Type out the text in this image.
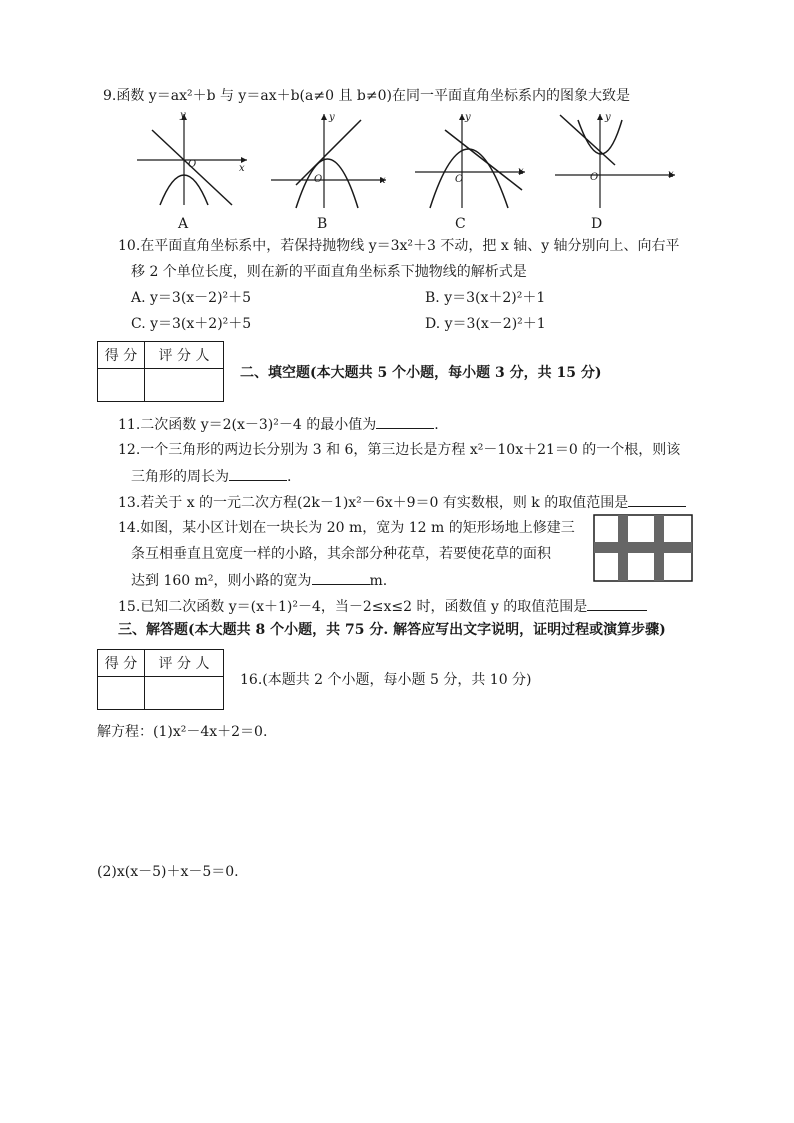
9.函数 y＝ax²＋b 与 y＝ax＋b(a≠0 且 b≠0)在同一平面直角坐标系内的图象大致是
y
x
O
A
y
x
O
B
y
x
O
C
y
x
O
D
10.在平面直角坐标系中，若保持抛物线 y＝3x²＋3 不动，把 x 轴、y 轴分别向上、向右平
移 2 个单位长度，则在新的平面直角坐标系下抛物线的解析式是
A. y＝3(x－2)²＋5	B. y＝3(x＋2)²＋1
C. y＝3(x＋2)²＋5	D. y＝3(x－2)²＋1
得 分	评 分 人

二、填空题(本大题共 5 个小题，每小题 3 分，共 15 分)
11.二次函数 y＝2(x－3)²－4 的最小值为	.
12.一个三角形的两边长分别为 3 和 6，第三边长是方程 x²－10x＋21＝0 的一个根，则该
三角形的周长为	.
13.若关于 x 的一元二次方程(2k－1)x²－6x＋9＝0 有实数根，则 k 的取值范围是
14.如图，某小区计划在一块长为 20 m，宽为 12 m 的矩形场地上修建三
条互相垂直且宽度一样的小路，其余部分种花草，若要使花草的面积
达到 160 m²，则小路的宽为	m.
15.已知二次函数 y＝(x＋1)²－4，当－2≤x≤2 时，函数值 y 的取值范围是
三、解答题(本大题共 8 个小题，共 75 分. 解答应写出文字说明，证明过程或演算步骤)
得 分	评 分 人

16.(本题共 2 个小题，每小题 5 分，共 10 分)
解方程：(1)x²－4x＋2＝0.
(2)x(x－5)＋x－5＝0.
